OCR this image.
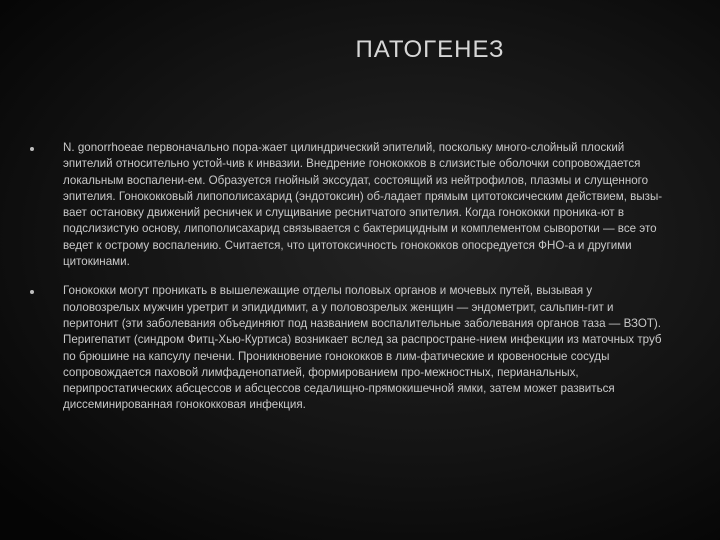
ПАТОГЕНЕЗ
N. gonorrhoeae первоначально пора-жает цилиндрический эпителий, поскольку много-слойный плоский эпителий относительно устой-чив к инвазии. Внедрение гонококков в слизистые оболочки сопровождается локальным воспалени-ем. Образуется гнойный экссудат, состоящий из нейтрофилов, плазмы и слущенного эпителия. Гонококковый липополисахарид (эндотоксин) об-ладает прямым цитотоксическим действием, вызы-вает остановку движений ресничек и слущивание реснитчатого эпителия. Когда гонококки проника-ют в подслизистую основу, липополисахарид связывается с бактерицидным и комплементом сыворотки — все это ведет к острому воспалению. Считается, что цитотоксичность гонококков опосредуется ФНО-a и другими цитокинами.
Гонококки могут проникать в вышележащие отделы половых органов и мочевых путей, вызывая у половозрелых мужчин уретрит и эпидидимит, а у половозрелых женщин — эндометрит, сальпин-гит и перитонит (эти заболевания объединяют под названием воспалительные заболевания органов таза — ВЗОТ). Перигепатит (синдром Фитц-Хью-Куртиса) возникает вслед за распростране-нием инфекции из маточных труб по брюшине на капсулу печени. Проникновение гонококков в лим-фатические и кровеносные сосуды сопровождается паховой лимфаденопатией, формированием про-межностных, перианальных, перипростатических абсцессов и абсцессов седалищно-прямокишечной ямки, затем может развиться диссеминированная гонококковая инфекция.
